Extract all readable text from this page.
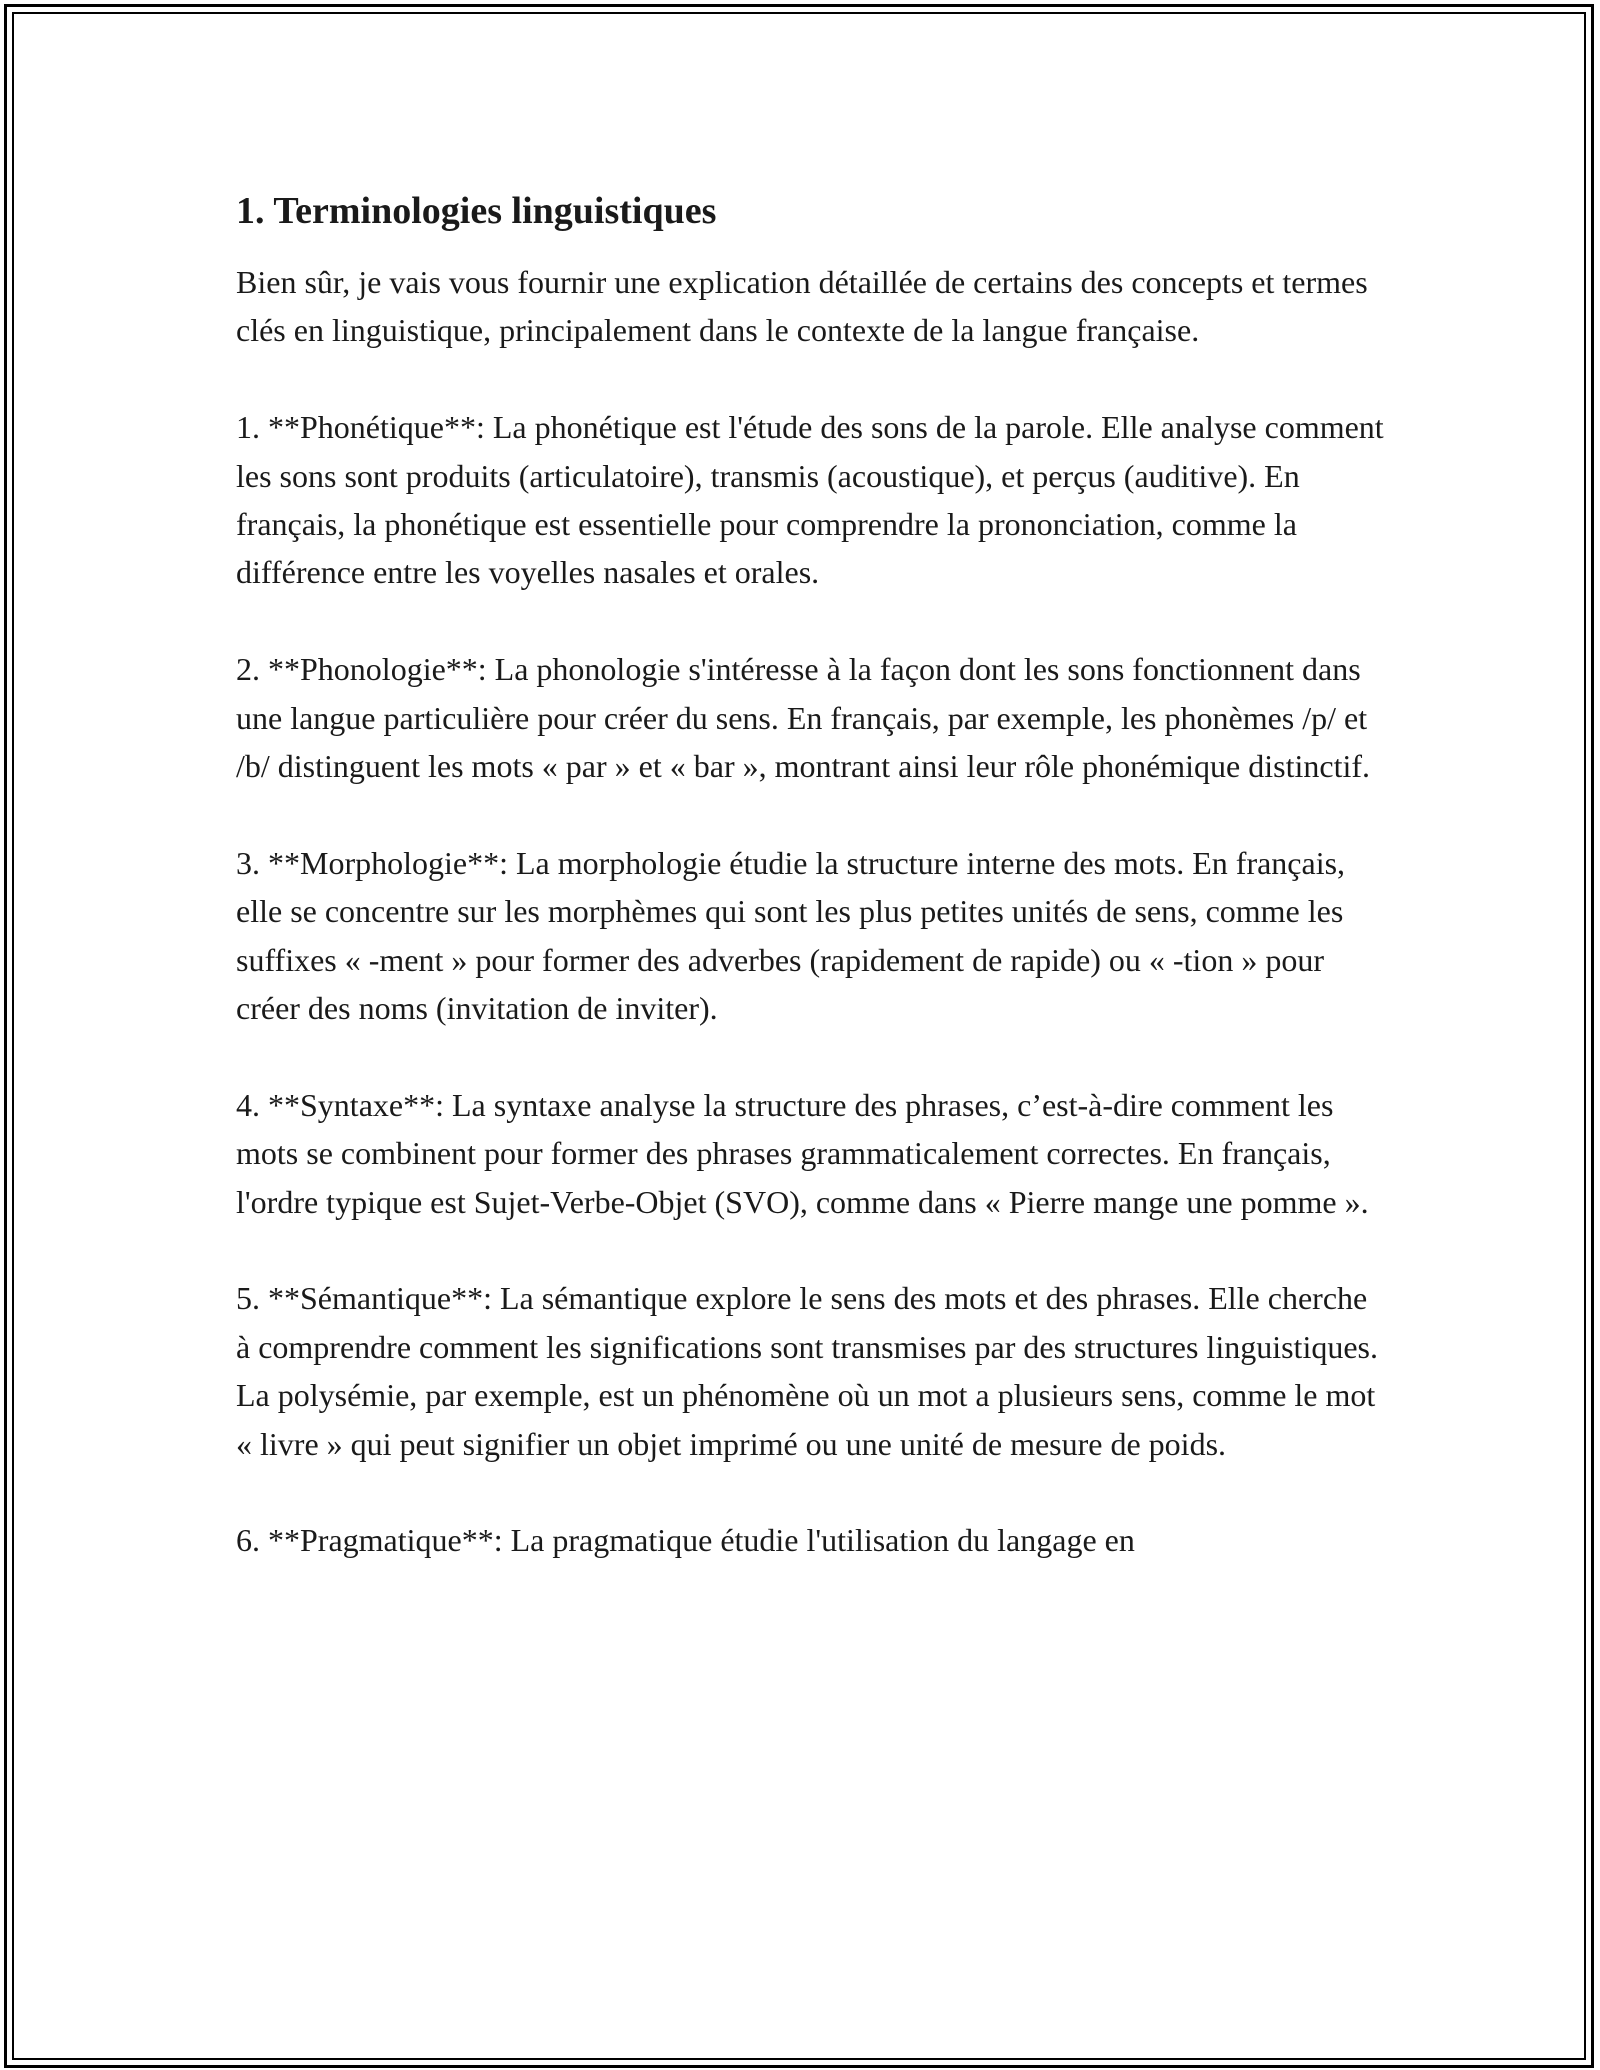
1. Terminologies linguistiques

Bien sûr, je vais vous fournir une explication détaillée de certains des concepts et termes clés en linguistique, principalement dans le contexte de la langue française.

1. **Phonétique**: La phonétique est l'étude des sons de la parole. Elle analyse comment les sons sont produits (articulatoire), transmis (acoustique), et perçus (auditive). En français, la phonétique est essentielle pour comprendre la prononciation, comme la différence entre les voyelles nasales et orales.

2. **Phonologie**: La phonologie s'intéresse à la façon dont les sons fonctionnent dans une langue particulière pour créer du sens. En français, par exemple, les phonèmes /p/ et /b/ distinguent les mots « par » et « bar », montrant ainsi leur rôle phonémique distinctif.

3. **Morphologie**: La morphologie étudie la structure interne des mots. En français, elle se concentre sur les morphèmes qui sont les plus petites unités de sens, comme les suffixes « -ment » pour former des adverbes (rapidement de rapide) ou « -tion » pour créer des noms (invitation de inviter).

4. **Syntaxe**: La syntaxe analyse la structure des phrases, c’est-à-dire comment les mots se combinent pour former des phrases grammaticalement correctes. En français, l'ordre typique est Sujet-Verbe-Objet (SVO), comme dans « Pierre mange une pomme ».

5. **Sémantique**: La sémantique explore le sens des mots et des phrases. Elle cherche à comprendre comment les significations sont transmises par des structures linguistiques. La polysémie, par exemple, est un phénomène où un mot a plusieurs sens, comme le mot « livre » qui peut signifier un objet imprimé ou une unité de mesure de poids.

6. **Pragmatique**: La pragmatique étudie l'utilisation du langage en
